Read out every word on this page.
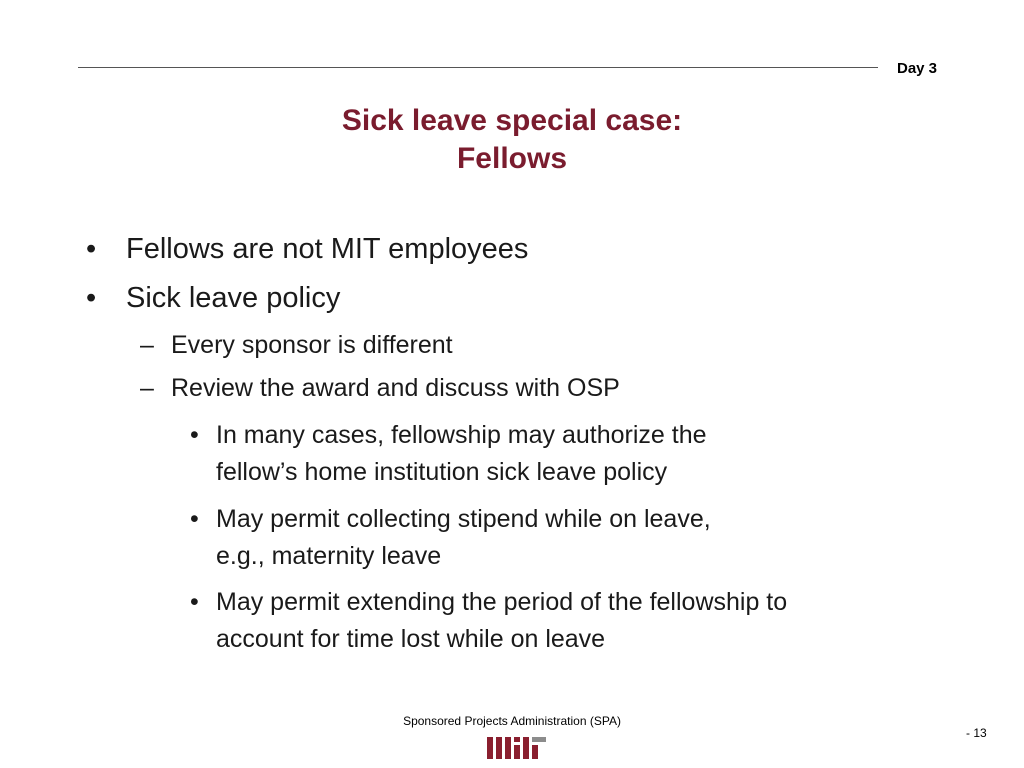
Day 3
Sick leave special case:
Fellows
• Fellows are not MIT employees
• Sick leave policy
– Every sponsor is different
– Review the award and discuss with OSP
• In many cases, fellowship may authorize the
fellow’s home institution sick leave policy
• May permit collecting stipend while on leave,
e.g., maternity leave
• May permit extending the period of the fellowship to
account for time lost while on leave
Sponsored Projects Administration (SPA)
- 13
